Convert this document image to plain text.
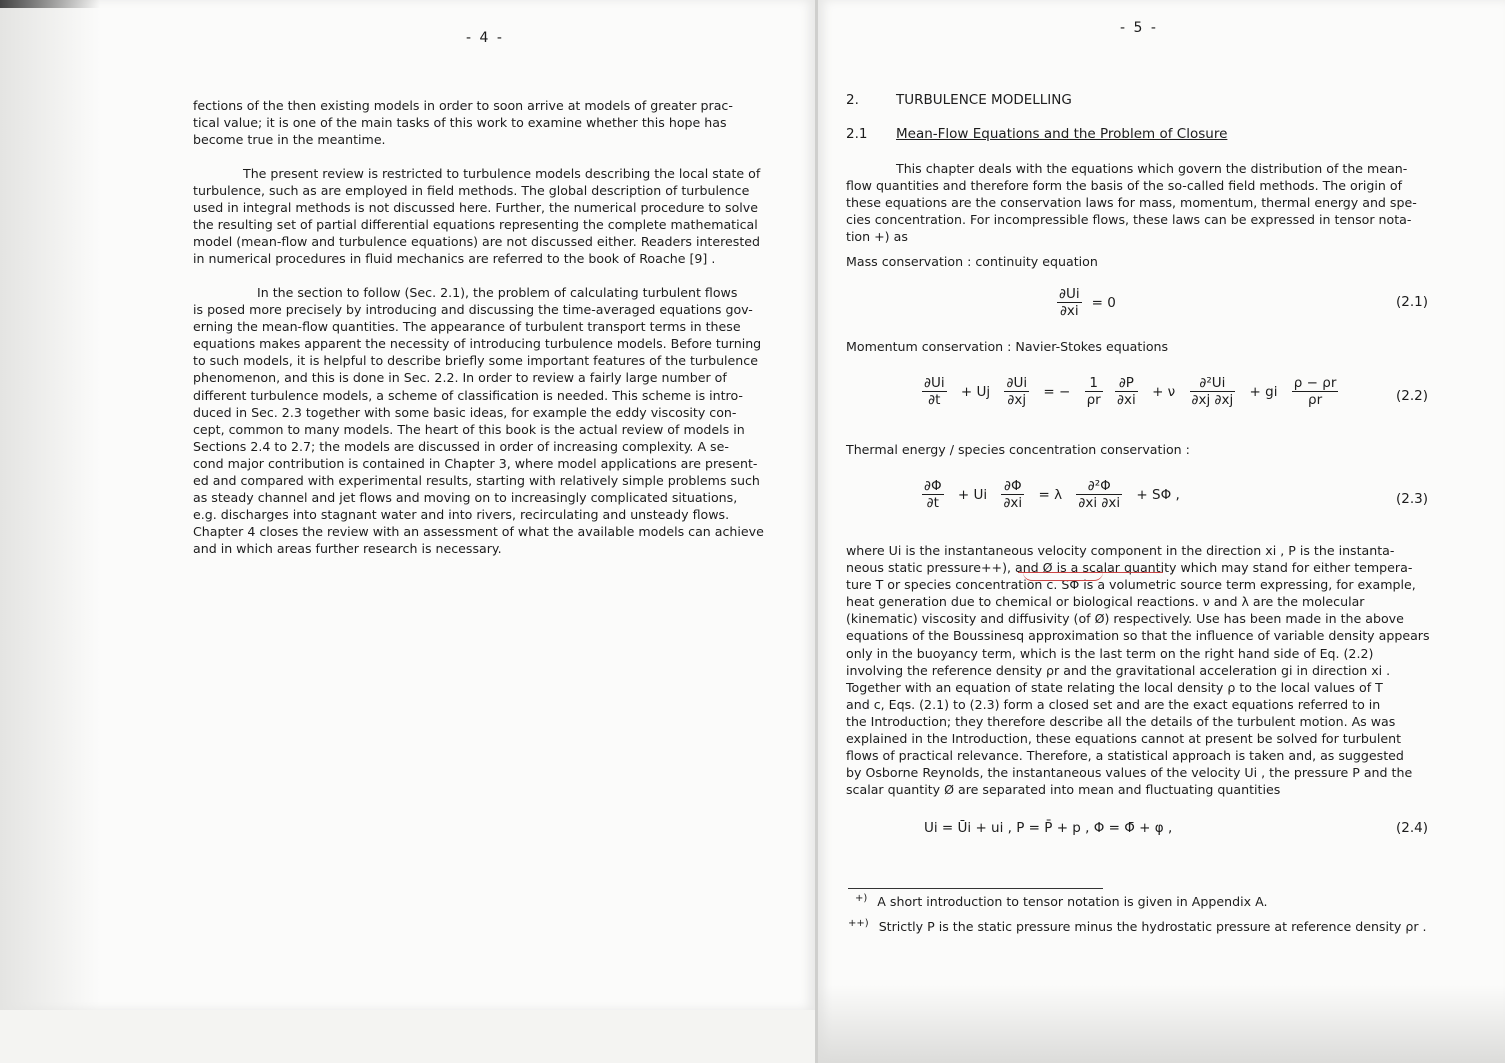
- 4 -
fections of the then existing models in order to soon arrive at models of greater prac-
tical value; it is one of the main tasks of this work to examine whether this hope has
become true in the meantime.
The present review is restricted to turbulence models describing the local state of
turbulence, such as are employed in field methods. The global description of turbulence
used in integral methods is not discussed here. Further, the numerical procedure to solve
the resulting set of partial differential equations representing the complete mathematical
model (mean-flow and turbulence equations) are not discussed either. Readers interested
in numerical procedures in fluid mechanics are referred to the book of Roache [9] .
In the section to follow (Sec. 2.1), the problem of calculating turbulent flows
is posed more precisely by introducing and discussing the time-averaged equations gov-
erning the mean-flow quantities. The appearance of turbulent transport terms in these
equations makes apparent the necessity of introducing turbulence models. Before turning
to such models, it is helpful to describe briefly some important features of the turbulence
phenomenon, and this is done in Sec. 2.2. In order to review a fairly large number of
different turbulence models, a scheme of classification is needed. This scheme is intro-
duced in Sec. 2.3 together with some basic ideas, for example the eddy viscosity con-
cept, common to many models. The heart of this book is the actual review of models in
Sections 2.4 to 2.7; the models are discussed in order of increasing complexity. A se-
cond major contribution is contained in Chapter 3, where model applications are present-
ed and compared with experimental results, starting with relatively simple problems such
as steady channel and jet flows and moving on to increasingly complicated situations,
e.g. discharges into stagnant water and into rivers, recirculating and unsteady flows.
Chapter 4 closes the review with an assessment of what the available models can achieve
and in which areas further research is necessary.
- 5 -
2.	TURBULENCE MODELLING
2.1 Mean-Flow Equations and the Problem of Closure
This chapter deals with the equations which govern the distribution of the mean-
flow quantities and therefore form the basis of the so-called field methods. The origin of
these equations are the conservation laws for mass, momentum, thermal energy and spe-
cies concentration. For incompressible flows, these laws can be expressed in tensor nota-
tion +) as
Mass conservation : continuity equation
$\frac{\partial Ui}{\partial xi} = 0$	(2.1)
Momentum conservation : Navier-Stokes equations
$\frac{\partial Ui}{\partial t} + Uj \frac{\partial Ui}{\partial xj}$ = − $\frac{1}{\rho r}$
$\frac{\partial P}{\partial xi} + \nu \frac{\text{∂²Ui}}{\partial xj \partial xj}$ + gi $\frac{\rho - \rho r}{\rho r}$	(2.2)
Thermal energy / species concentration conservation :
$\frac{\partial\Phi}{\partial t} + Ui \frac{\partial\Phi}{\partial xi} = \lambda \frac{\text{∂²Φ}}{\partial xi \partial xi} + S\Phi$ ,	(2.3)
where Ui is the instantaneous velocity component in the direction xi , P is the instanta-
neous static pressure++), and Ø is a scalar quantity which may stand for either tempera-
ture T or species concentration c. SΦ is a volumetric source term expressing, for example,
heat generation due to chemical or biological reactions. ν and λ are the molecular
(kinematic) viscosity and diffusivity (of Ø) respectively. Use has been made in the above
equations of the Boussinesq approximation so that the influence of variable density appears
only in the buoyancy term, which is the last term on the right hand side of Eq. (2.2)
involving the reference density ρr and the gravitational acceleration gi in direction xi .
Together with an equation of state relating the local density ρ to the local values of T
and c, Eqs. (2.1) to (2.3) form a closed set and are the exact equations referred to in
the Introduction; they therefore describe all the details of the turbulent motion. As was
explained in the Introduction, these equations cannot at present be solved for turbulent
flows of practical relevance. Therefore, a statistical approach is taken and, as suggested
by Osborne Reynolds, the instantaneous values of the velocity Ui , the pressure P and the
scalar quantity Ø are separated into mean and fluctuating quantities
Ui = Ūi + ui , P = P̄ + p , Φ = Φ̄ + φ ,	(2.4)
+) A short introduction to tensor notation is given in Appendix A.
++) Strictly P is the static pressure minus the hydrostatic pressure at reference density ρr .
